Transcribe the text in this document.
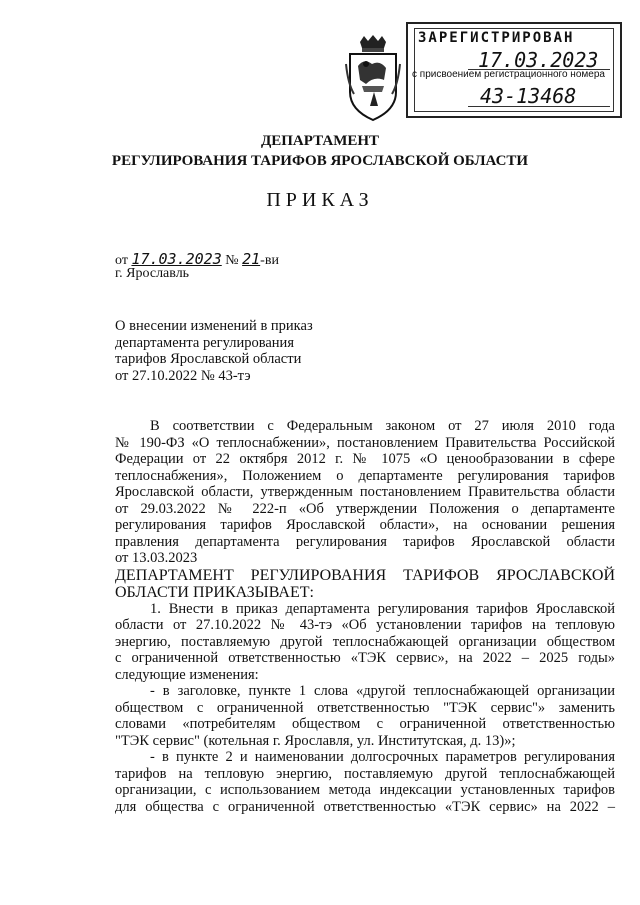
ЗАРЕГИСТРИРОВАН
17.03.2023
с присвоением регистрационного номера
43-13468
ДЕПАРТАМЕНТ
РЕГУЛИРОВАНИЯ ТАРИФОВ ЯРОСЛАВСКОЙ ОБЛАСТИ
ПРИКАЗ
от 17.03.2023 № 21-ви
г. Ярославль
О внесении изменений в приказ
департамента регулирования
тарифов Ярославской области
от 27.10.2022 № 43-тэ
В соответствии с Федеральным законом от 27 июля 2010 года
№ 190-ФЗ «О теплоснабжении», постановлением Правительства Российской
Федерации от 22 октября 2012 г. № 1075 «О ценообразовании в сфере
теплоснабжения», Положением о департаменте регулирования тарифов
Ярославской области, утвержденным постановлением Правительства области
от 29.03.2022 № 222-п «Об утверждении Положения о департаменте
регулирования тарифов Ярославской области», на основании решения
правления департамента регулирования тарифов Ярославской области
от 13.03.2023
ДЕПАРТАМЕНТ РЕГУЛИРОВАНИЯ ТАРИФОВ ЯРОСЛАВСКОЙ
ОБЛАСТИ ПРИКАЗЫВАЕТ:
1. Внести в приказ департамента регулирования тарифов Ярославской
области от 27.10.2022 № 43-тэ «Об установлении тарифов на тепловую
энергию, поставляемую другой теплоснабжающей организации обществом
с ограниченной ответственностью «ТЭК сервис», на 2022 – 2025 годы»
следующие изменения:
- в заголовке, пункте 1 слова «другой теплоснабжающей организации
обществом с ограниченной ответственностью "ТЭК сервис"» заменить
словами «потребителям обществом с ограниченной ответственностью
"ТЭК сервис" (котельная г. Ярославля, ул. Институтская, д. 13)»;
- в пункте 2 и наименовании долгосрочных параметров регулирования
тарифов на тепловую энергию, поставляемую другой теплоснабжающей
организации, с использованием метода индексации установленных тарифов
для общества с ограниченной ответственностью «ТЭК сервис» на 2022 –
